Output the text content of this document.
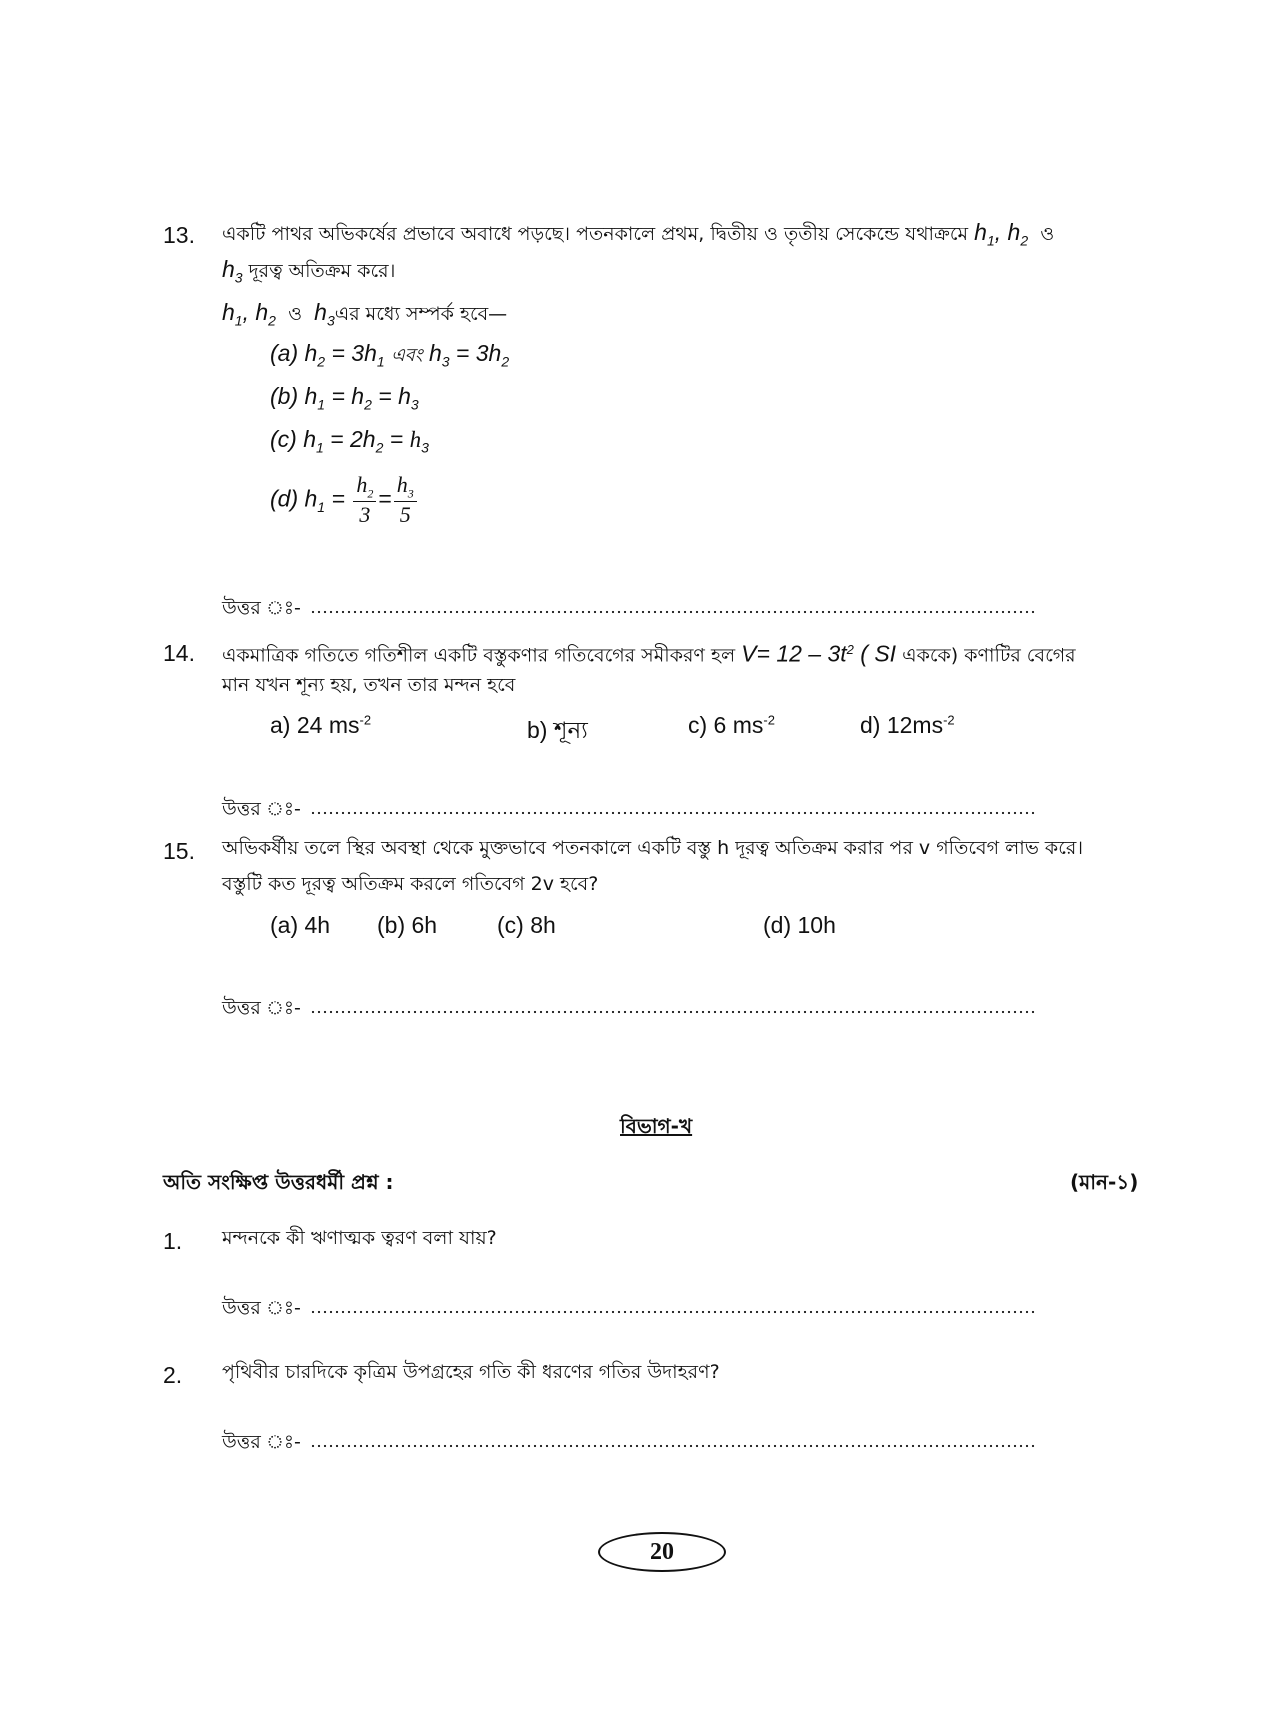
13. একটি পাথর অভিকর্ষের প্রভাবে অবাধে পড়ছে। পতনকালে প্রথম, দ্বিতীয় ও তৃতীয় সেকেন্ডে যথাক্রমে $h_1$, $h_2$ ও
$h_3$ দূরত্ব অতিক্রম করে।
$h_1$, $h_2$ ও $h_3এর$ মধ্যে সম্পর্ক হবে—
(a) $h_2 = 3h_1$ এবং $h_3 = 3h_2$
(b) $h_1 = h_2 = h_3$
(c) $h_1 = 2h_2 = h_3$
(d) $h_1 = \frac{h_2}{3} = \frac{h_3}{5}$
উত্তর ঃ-
14. একমাত্রিক গতিতে গতিশীল একটি বস্তুকণার গতিবেগের সমীকরণ হল $V= 12 - 3t^2$ ( SI এককে) কণাটির বেগের
মান যখন শূন্য হয়, তখন তার মন্দন হবে
a) 24 $ms^{-2}$	b) শূন্য	c) 6 $ms^{-2}$	d) $12ms^{-2}$
উত্তর ঃ-
15. অভিকর্ষীয় তলে স্থির অবস্থা থেকে মুক্তভাবে পতনকালে একটি বস্তু h দূরত্ব অতিক্রম করার পর v গতিবেগ লাভ করে।
বস্তুটি কত দূরত্ব অতিক্রম করলে গতিবেগ 2v হবে?
(a) 4h (b) 6h	(c) 8h	(d) 10h
উত্তর ঃ-
বিভাগ-খ
অতি সংক্ষিপ্ত উত্তরধর্মী প্রশ্ন :	(মান-১)
1. মন্দনকে কী ঋণাত্মক ত্বরণ বলা যায়?
উত্তর ঃ-
2. পৃথিবীর চারদিকে কৃত্রিম উপগ্রহের গতি কী ধরণের গতির উদাহরণ?
উত্তর ঃ-
20
